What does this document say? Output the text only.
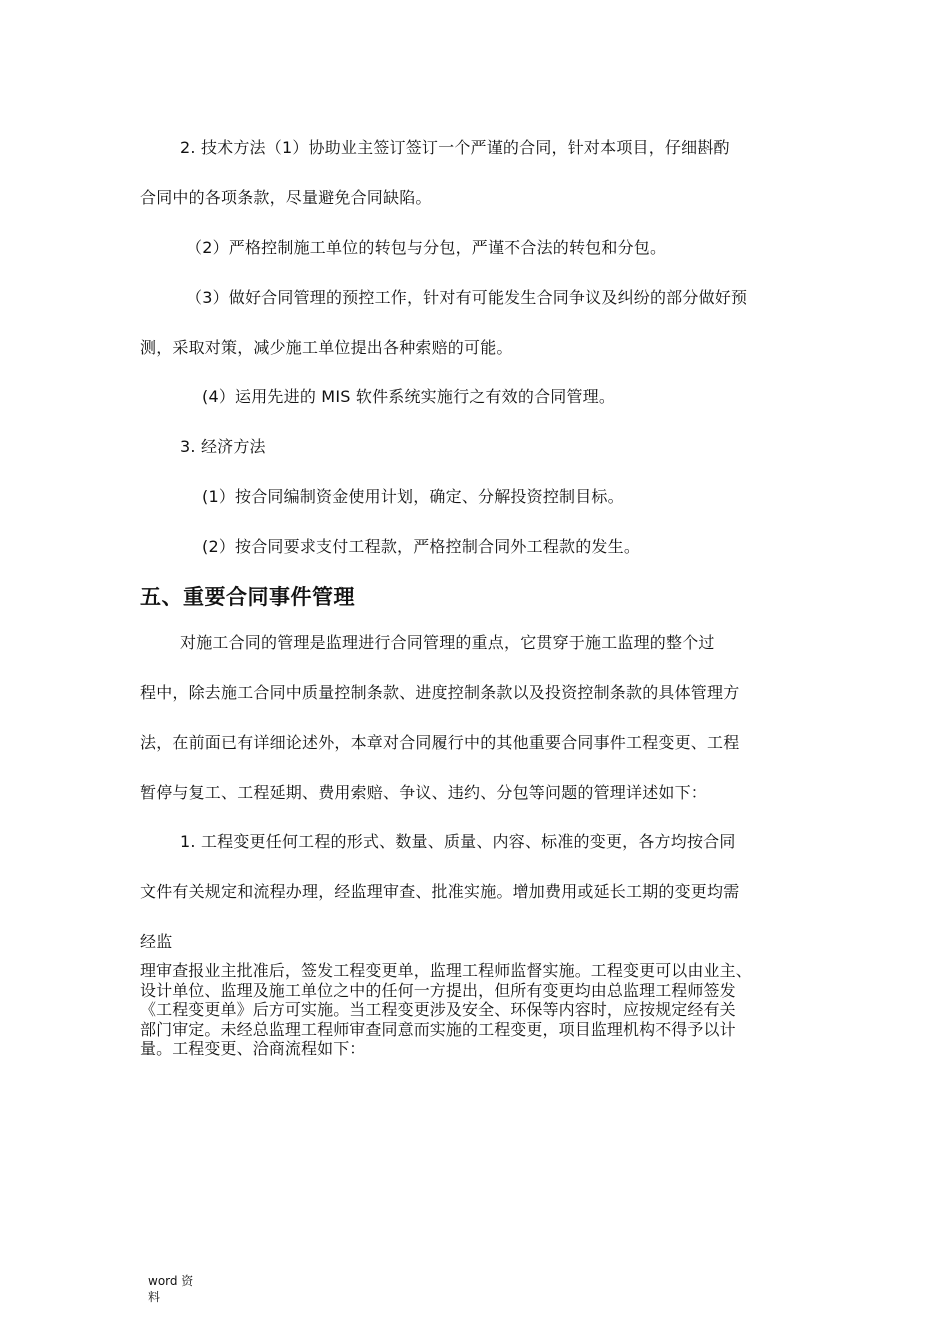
2. 技术方法（1）协助业主签订签订一个严谨的合同，针对本项目，仔细斟酌
合同中的各项条款，尽量避免合同缺陷。
（2）严格控制施工单位的转包与分包，严谨不合法的转包和分包。
（3）做好合同管理的预控工作，针对有可能发生合同争议及纠纷的部分做好预
测，采取对策，减少施工单位提出各种索赔的可能。
(4）运用先进的 MIS 软件系统实施行之有效的合同管理。
3. 经济方法
(1）按合同编制资金使用计划，确定、分解投资控制目标。
(2）按合同要求支付工程款，严格控制合同外工程款的发生。
五、重要合同事件管理
对施工合同的管理是监理进行合同管理的重点，它贯穿于施工监理的整个过
程中，除去施工合同中质量控制条款、进度控制条款以及投资控制条款的具体管理方
法，在前面已有详细论述外，本章对合同履行中的其他重要合同事件工程变更、工程
暂停与复工、工程延期、费用索赔、争议、违约、分包等问题的管理详述如下：
1. 工程变更任何工程的形式、数量、质量、内容、标准的变更，各方均按合同
文件有关规定和流程办理，经监理审查、批准实施。增加费用或延长工期的变更均需
经监
理审查报业主批准后，签发工程变更单，监理工程师监督实施。工程变更可以由业主、
设计单位、监理及施工单位之中的任何一方提出，但所有变更均由总监理工程师签发
《工程变更单》后方可实施。当工程变更涉及安全、环保等内容时，应按规定经有关
部门审定。未经总监理工程师审查同意而实施的工程变更，项目监理机构不得予以计
量。工程变更、洽商流程如下：
word 资
料
